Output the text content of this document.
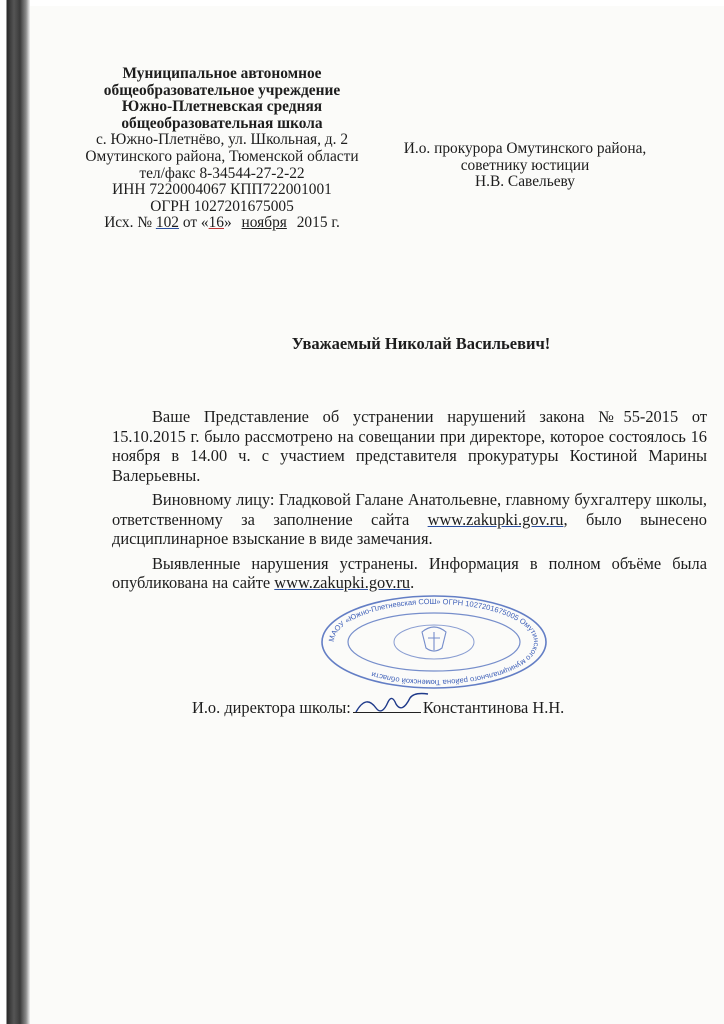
Муниципальное автономное
общеобразовательное учреждение
Южно-Плетневская средняя
общеобразовательная школа
с. Южно-Плетнёво, ул. Школьная, д. 2
Омутинского района, Тюменской области
тел/факс 8-34544-27-2-22
ИНН 7220004067 КПП722001001
ОГРН 1027201675005
Исх. № 102 от «16» ноября 2015 г.
И.о. прокурора Омутинского района,
советнику юстиции
Н.В. Савельеву
Уважаемый Николай Васильевич!

Ваше Представление об устранении нарушений закона №55-2015 от 15.10.2015 г. было рассмотрено на совещании при директоре, которое состоялось 16 ноября в 14.00 ч. с участием представителя прокуратуры Костиной Марины Валерьевны.

Виновному лицу: Гладковой Галане Анатольевне, главному бухгалтеру школы, ответственному за заполнение сайта www.zakupki.gov.ru, было вынесено дисциплинарное взыскание в виде замечания.

Выявленные нарушения устранены. Информация в полном объёме была опубликована на сайте www.zakupki.gov.ru.

МАОУ «Южно-Плетневская СОШ» ОГРН 1027201675005 Омутинского муниципального района Тюменской области
И.о. директора школы:	Константинова Н.Н.
